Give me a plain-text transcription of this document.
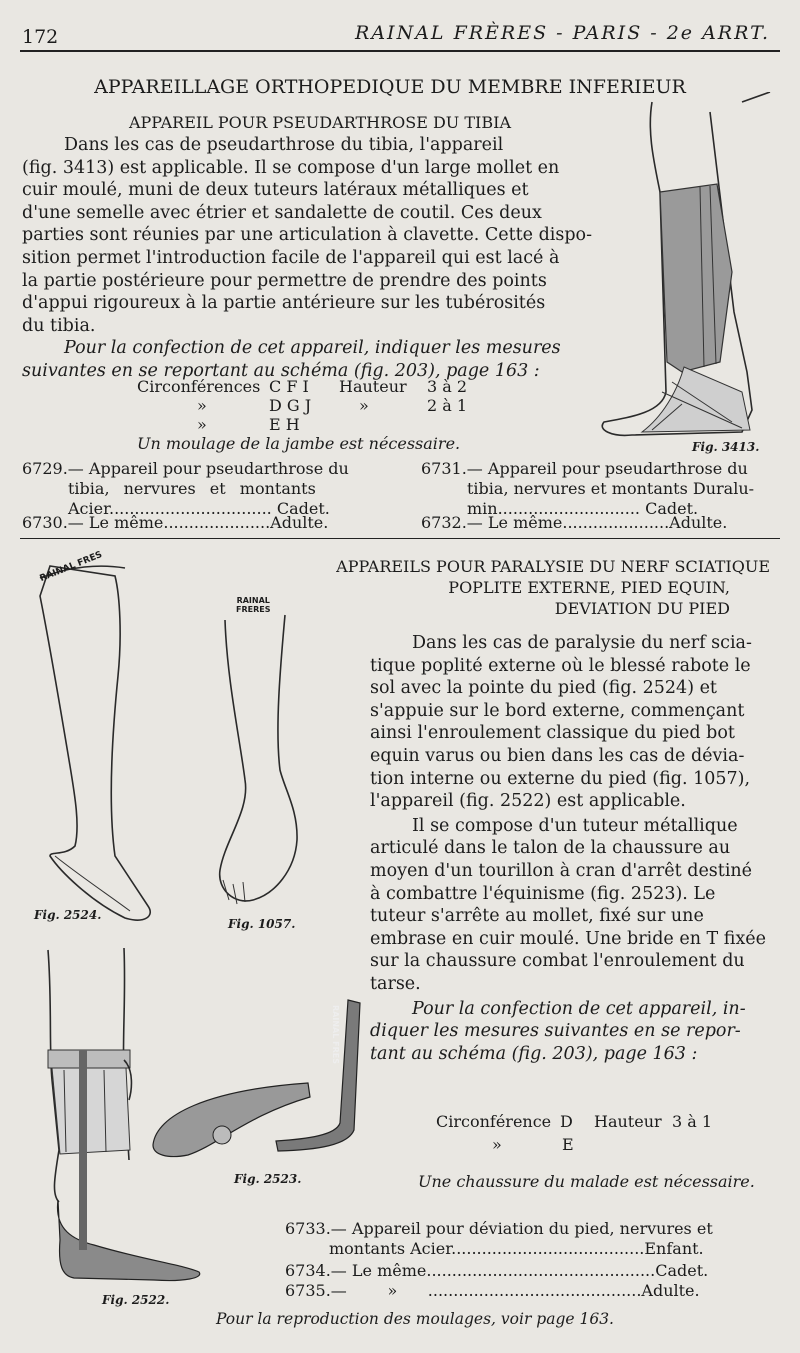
172	RAINAL FRÈRES - PARIS - 2e ARRT.
APPAREILLAGE ORTHOPEDIQUE DU MEMBRE INFERIEUR
APPAREIL POUR PSEUDARTHROSE DU TIBIA

Dans les cas de pseudarthrose du tibia, l'appareil

(fig. 3413) est applicable. Il se compose d'un large mollet en

cuir moulé, muni de deux tuteurs latéraux métalliques et

d'une semelle avec étrier et sandalette de coutil. Ces deux

parties sont réunies par une articulation à clavette. Cette dispo-

sition permet l'introduction facile de l'appareil qui est lacé à

la partie postérieure pour permettre de prendre des points

d'appui rigoureux à la partie antérieure sur les tubérosités

du tibia.

Pour la confection de cet appareil, indiquer les mesures

suivantes en se reportant au schéma (fig. 203), page 163 :

Circonférences C F I	Hauteur 3 à 2
»	D G J	»	2 à 1
»	E H
Un moulage de la jambe est nécessaire.	Fig. 3413.
6729.— Appareil pour pseudarthrose du
tibia, nervures et montants
Acier................................ Cadet.
6730.— Le même.....................Adulte.
6731.— Appareil pour pseudarthrose du
tibia, nervures et montants Duralu-
min............................ Cadet.
6732.— Le même.....................Adulte.
APPAREILS POUR PARALYSIE DU NERF SCIATIQUE
POPLITE EXTERNE, PIED EQUIN,
DEVIATION DU PIED

Dans les cas de paralysie du nerf scia-

tique poplité externe où le blessé rabote le

sol avec la pointe du pied (fig. 2524) et

s'appuie sur le bord externe, commençant

ainsi l'enroulement classique du pied bot

equin varus ou bien dans les cas de dévia-

tion interne ou externe du pied (fig. 1057),

l'appareil (fig. 2522) est applicable.

Il se compose d'un tuteur métallique

articulé dans le talon de la chaussure au

moyen d'un tourillon à cran d'arrêt destiné

à combattre l'équinisme (fig. 2523). Le

tuteur s'arrête au mollet, fixé sur une

embrase en cuir moulé. Une bride en T fixée

sur la chaussure combat l'enroulement du

tarse.

Pour la confection de cet appareil, in-

diquer les mesures suivantes en se repor-

tant au schéma (fig. 203), page 163 :

Circonférence D Hauteur 3 à 1
»	E
Une chaussure du malade est nécessaire.
6733.— Appareil pour déviation du pied, nervures et
montants Acier......................................Enfant.
6734.— Le même.............................................Cadet.
6735.—        »      ..........................................Adulte.
Pour la reproduction des moulages, voir page 163.
RAINAL FRES
Fig. 2524.
RAINAL
FRERES
Fig. 1057.
Fig. 2522.
RAINAL FRES
Fig. 2523.
